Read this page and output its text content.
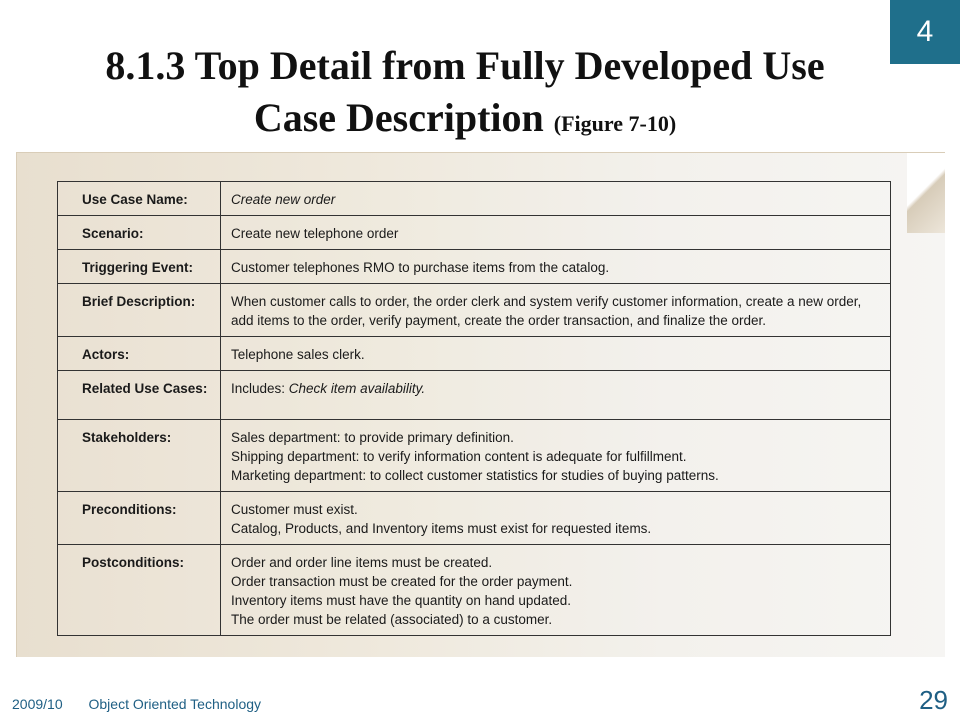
4
8.1.3 Top Detail from Fully Developed Use
Case Description (Figure 7-10)
Use Case Name:	Create new order
Scenario:	Create new telephone order
Triggering Event:	Customer telephones RMO to purchase items from the catalog.
Brief Description:	When customer calls to order, the order clerk and system verify customer information, create a new order, add items to the order, verify payment, create the order transaction, and finalize the order.
Actors:	Telephone sales clerk.
Related Use Cases:	Includes: Check item availability.
Stakeholders:	Sales department: to provide primary definition.
Shipping department: to verify information content is adequate for fulfillment.
Marketing department: to collect customer statistics for studies of buying patterns.

Preconditions:	Customer must exist.
Catalog, Products, and Inventory items must exist for requested items.

Postconditions:	Order and order line items must be created.
Order transaction must be created for the order payment.
Inventory items must have the quantity on hand updated.
The order must be related (associated) to a customer.
2009/10 Object Oriented Technology	29
